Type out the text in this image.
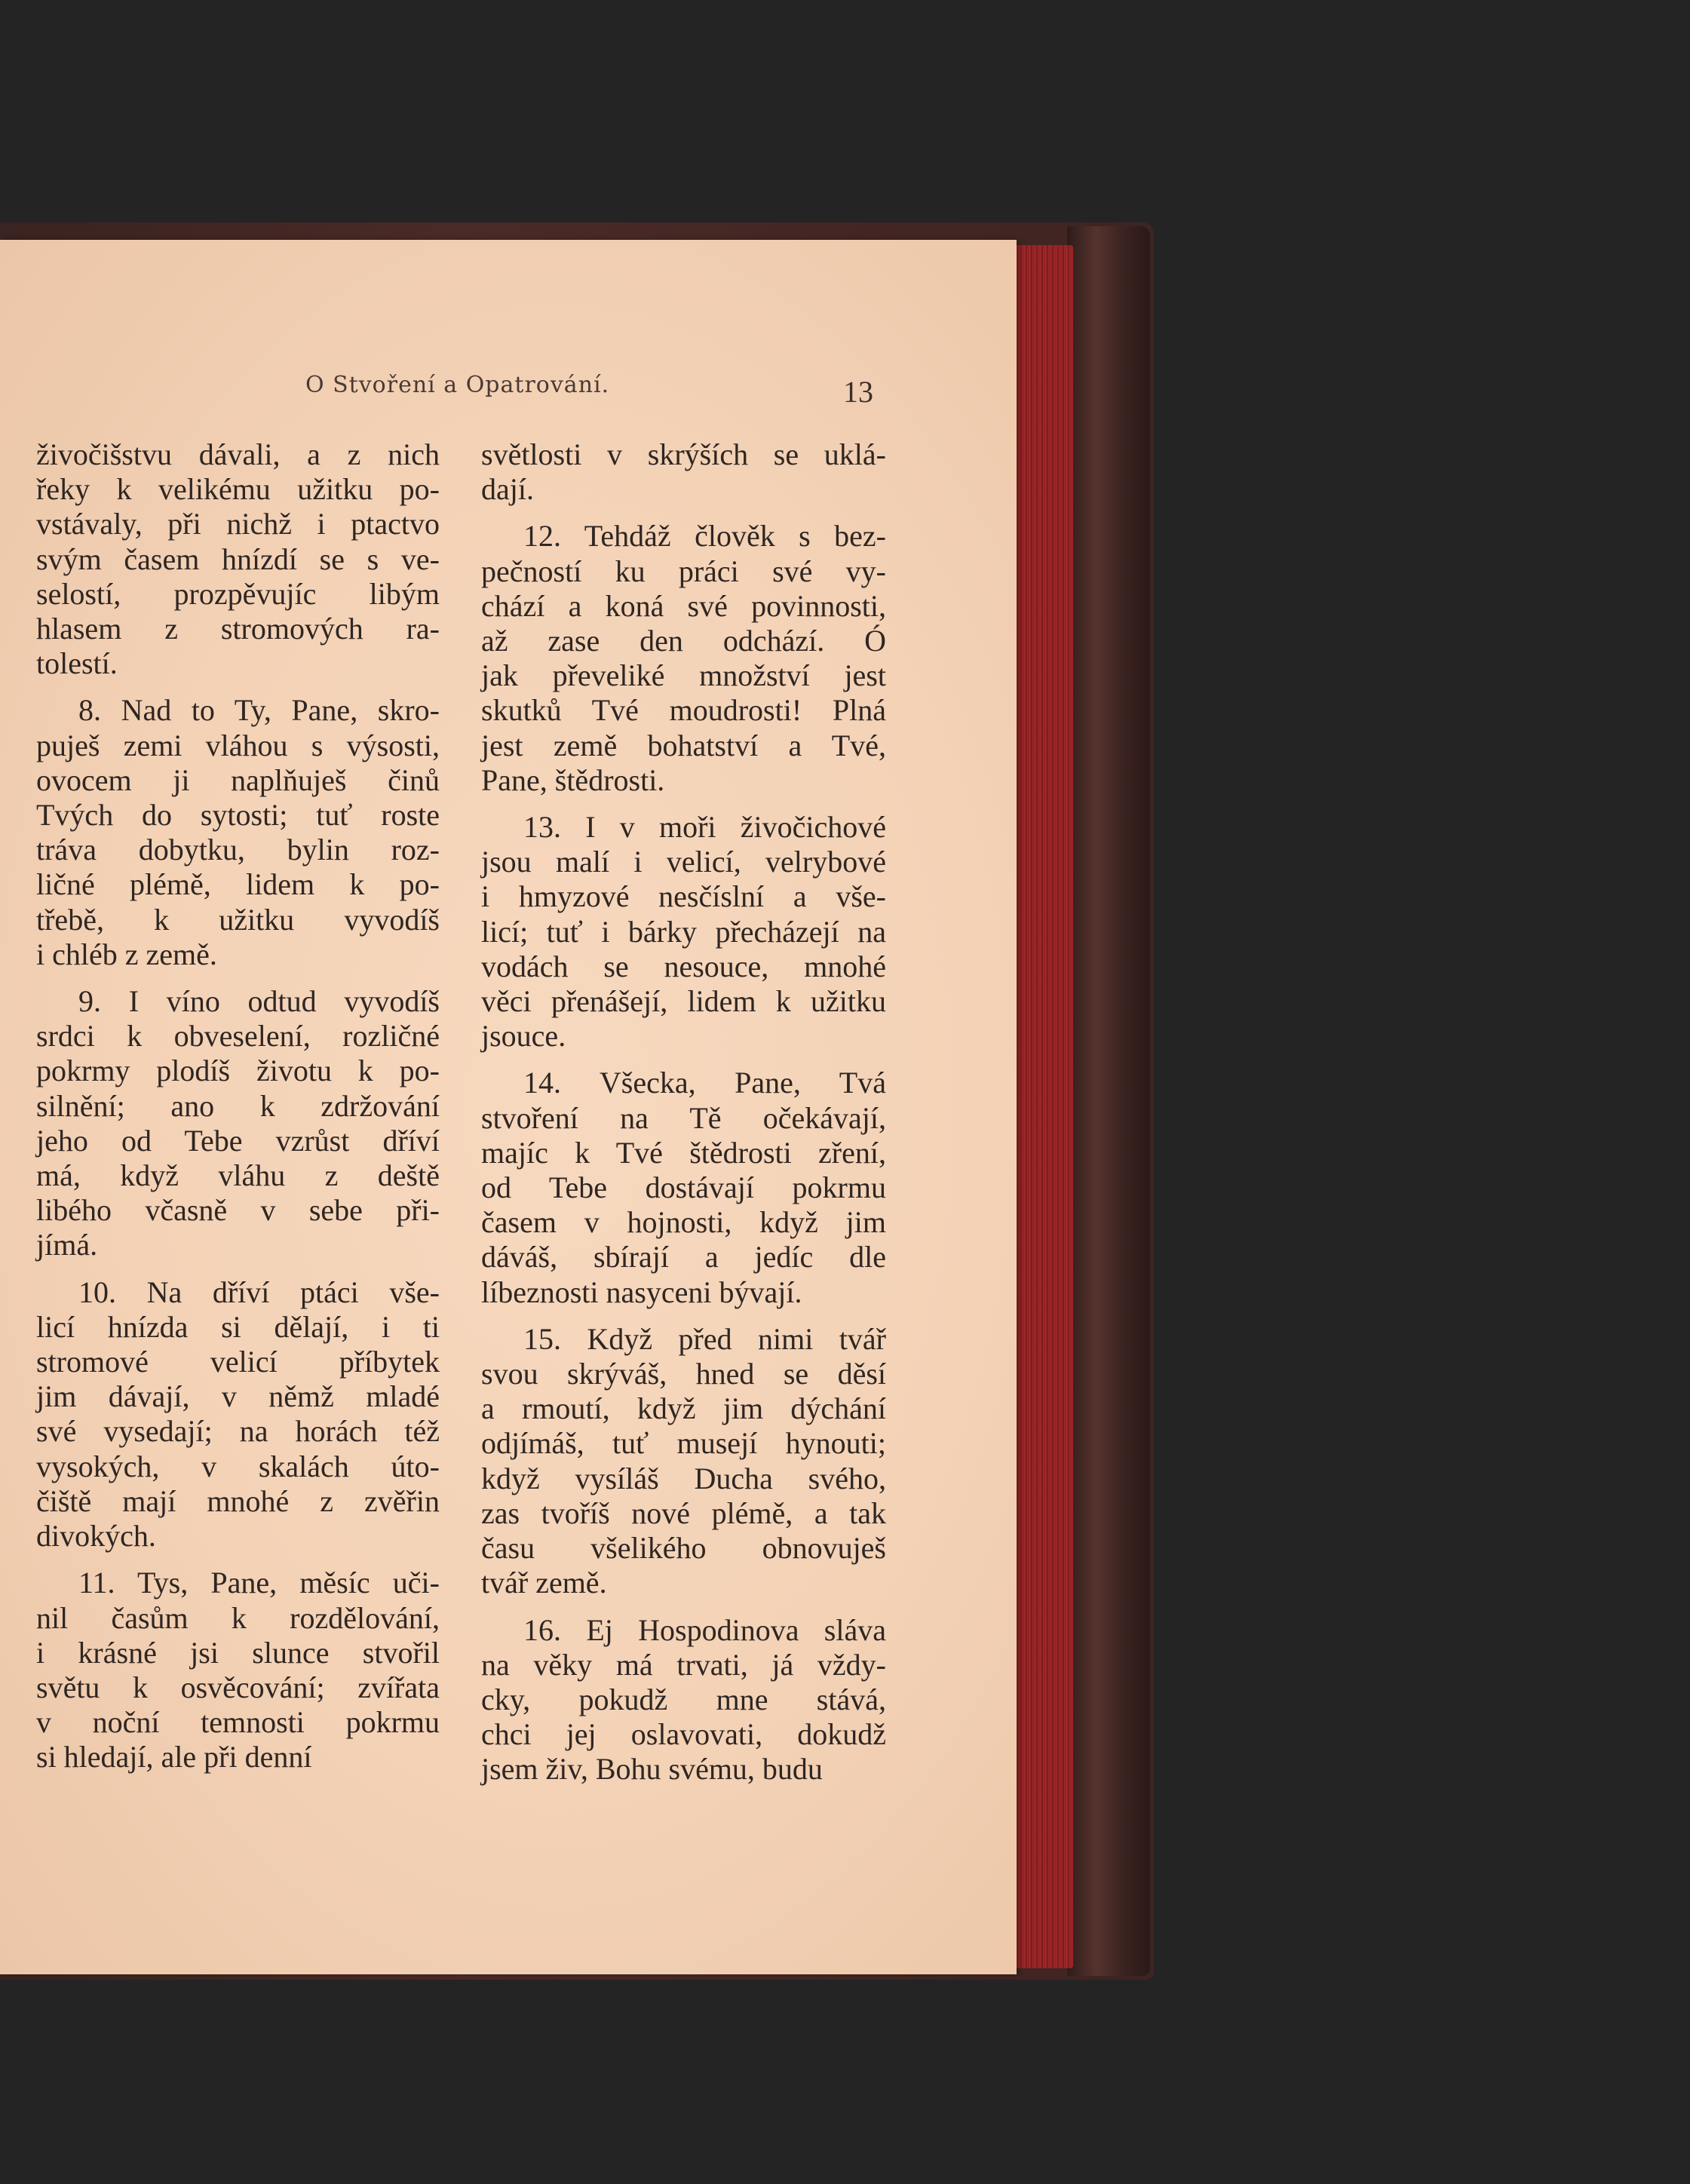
O Stvoření a Opatrování.	13
živočišstvu dávali, a z nich
řeky k velikému užitku po-
vstávaly, při nichž i ptactvo
svým časem hnízdí se s ve-
selostí, prozpěvujíc libým
hlasem z stromových ra-
tolestí.
8. Nad to Ty, Pane, skro-
puješ zemi vláhou s výsosti,
ovocem ji naplňuješ činů
Tvých do sytosti; tuť roste
tráva dobytku, bylin roz-
ličné plémě, lidem k po-
třebě, k užitku vyvodíš
i chléb z země.
9. I víno odtud vyvodíš
srdci k obveselení, rozličné
pokrmy plodíš životu k po-
silnění; ano k zdržování
jeho od Tebe vzrůst dříví
má, když vláhu z deště
libého včasně v sebe při-
jímá.
10. Na dříví ptáci vše-
licí hnízda si dělají, i ti
stromové velicí příbytek
jim dávají, v němž mladé
své vysedají; na horách též
vysokých, v skalách úto-
čiště mají mnohé z zvěřin
divokých.
11. Tys, Pane, měsíc uči-
nil časům k rozdělování,
i krásné jsi slunce stvořil
světu k osvěcování; zvířata
v noční temnosti pokrmu
si hledají, ale při denní
světlosti v skrýších se uklá-
dají.
12. Tehdáž člověk s bez-
pečností ku práci své vy-
chází a koná své povinnosti,
až zase den odchází. Ó
jak převeliké množství jest
skutků Tvé moudrosti! Plná
jest země bohatství a Tvé,
Pane, štědrosti.
13. I v moři živočichové
jsou malí i velicí, velrybové
i hmyzové nesčíslní a vše-
licí; tuť i bárky přecházejí na
vodách se nesouce, mnohé
věci přenášejí, lidem k užitku
jsouce.
14. Všecka, Pane, Tvá
stvoření na Tě očekávají,
majíc k Tvé štědrosti zření,
od Tebe dostávají pokrmu
časem v hojnosti, když jim
dáváš, sbírají a jedíc dle
líbeznosti nasyceni bývají.
15. Když před nimi tvář
svou skrýváš, hned se děsí
a rmoutí, když jim dýchání
odjímáš, tuť musejí hynouti;
když vysíláš Ducha svého,
zas tvoříš nové plémě, a tak
času všelikého obnovuješ
tvář země.
16. Ej Hospodinova sláva
na věky má trvati, já vždy-
cky, pokudž mne stává,
chci jej oslavovati, dokudž
jsem živ, Bohu svému, budu
